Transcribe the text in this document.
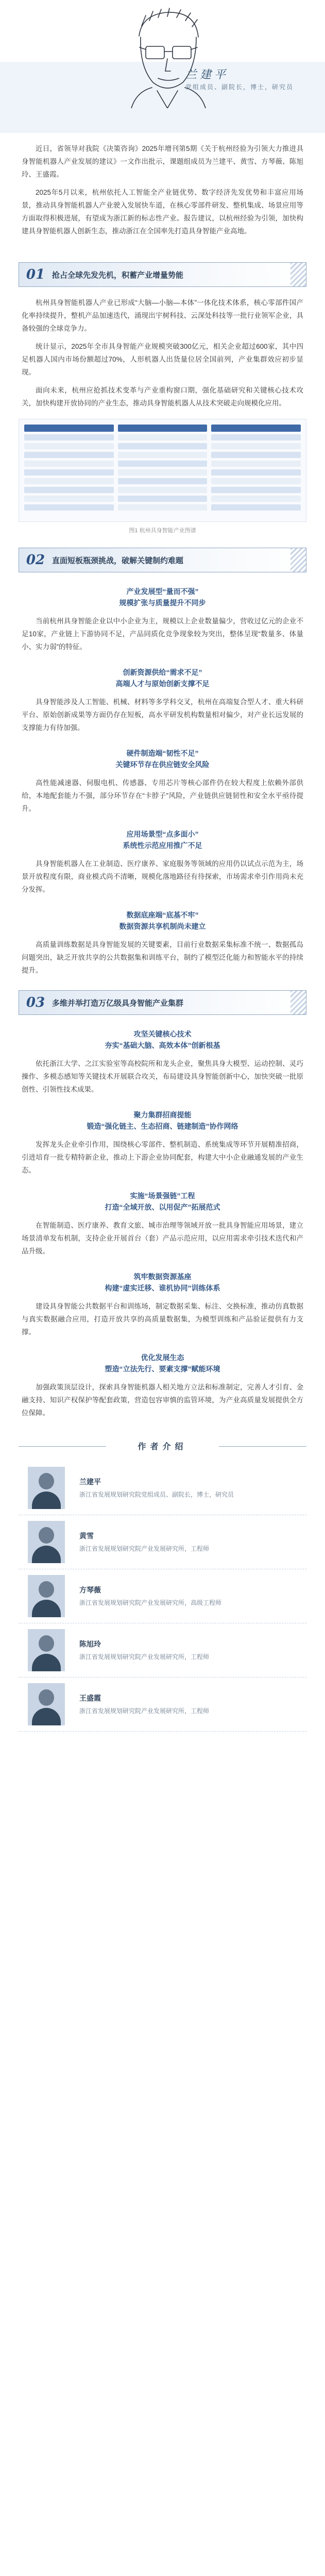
兰建平
党组成员、副院长，博士，研究员

近日，省领导对我院《决策咨询》2025年增刊第5期《关于杭州经验为引领大力推进具身智能机器人产业发展的建议》一文作出批示，课题组成员为兰建平、黄雪、方琴薇、陈旭玲、王盛霞。

2025年5月以来，杭州依托人工智能全产业链优势、数字经济先发优势和丰富应用场景，推动具身智能机器人产业驶入发展快车道，在核心零部件研发、整机集成、场景应用等方面取得积极进展，有望成为浙江新的标志性产业。报告建议，以杭州经验为引领，加快构建具身智能机器人创新生态，推动浙江在全国率先打造具身智能产业高地。

01 抢占全球先发先机，积蓄产业增量势能

杭州具身智能机器人产业已形成“大脑—小脑—本体”一体化技术体系，核心零部件国产化率持续提升，整机产品加速迭代，涌现出宇树科技、云深处科技等一批行业领军企业，具备较强的全球竞争力。

统计显示，2025年全市具身智能产业规模突破300亿元，相关企业超过600家，其中四足机器人国内市场份额超过70%，人形机器人出货量位居全国前列，产业集群效应初步显现。

面向未来，杭州应抢抓技术变革与产业重构窗口期，强化基础研究和关键核心技术攻关，加快构建开放协同的产业生态，推动具身智能机器人从技术突破走向规模化应用。

图1 杭州具身智能产业图谱
02 直面短板瓶颈挑战，破解关键制约难题
产业发展型“量而不强”
规模扩张与质量提升不同步

当前杭州具身智能企业以中小企业为主，规模以上企业数量偏少，营收过亿元的企业不足10家，产业链上下游协同不足，产品同质化竞争现象较为突出，整体呈现“数量多、体量小、实力弱”的特征。

创新资源供给“需求不足”
高端人才与原始创新支撑不足

具身智能涉及人工智能、机械、材料等多学科交叉，杭州在高端复合型人才、重大科研平台、原始创新成果等方面仍存在短板，高水平研发机构数量相对偏少，对产业长远发展的支撑能力有待加强。

硬件制造端“韧性不足”
关键环节存在供应链安全风险

高性能减速器、伺服电机、传感器、专用芯片等核心部件仍在较大程度上依赖外部供给，本地配套能力不强，部分环节存在“卡脖子”风险，产业链供应链韧性和安全水平亟待提升。

应用场景型“点多面小”
系统性示范应用推广不足

具身智能机器人在工业制造、医疗康养、家庭服务等领域的应用仍以试点示范为主，场景开放程度有限，商业模式尚不清晰，规模化落地路径有待探索，市场需求牵引作用尚未充分发挥。

数据底座端“底基不牢”
数据资源共享机制尚未建立

高质量训练数据是具身智能发展的关键要素，目前行业数据采集标准不统一、数据孤岛问题突出，缺乏开放共享的公共数据集和训练平台，制约了模型泛化能力和智能水平的持续提升。

03 多维并举打造万亿级具身智能产业集群
攻坚关键核心技术
夯实“基础大脑、高效本体”创新根基

依托浙江大学、之江实验室等高校院所和龙头企业，聚焦具身大模型、运动控制、灵巧操作、多模态感知等关键技术开展联合攻关，布局建设具身智能创新中心，加快突破一批原创性、引领性技术成果。

聚力集群招商提能
锻造“强化链主、生态招商、链建制造”协作网络

发挥龙头企业牵引作用，围绕核心零部件、整机制造、系统集成等环节开展精准招商，引进培育一批专精特新企业，推动上下游企业协同配套，构建大中小企业融通发展的产业生态。

实施“场景强链”工程
打造“全域开放、以用促产”拓展范式

在智能制造、医疗康养、教育文旅、城市治理等领域开放一批具身智能应用场景，建立场景清单发布机制，支持企业开展首台（套）产品示范应用，以应用需求牵引技术迭代和产品升级。

筑牢数据资源基座
构建“虚实迁移、谁机协同”训练体系

建设具身智能公共数据平台和训练场，制定数据采集、标注、交换标准，推动仿真数据与真实数据融合应用，打造开放共享的高质量数据集，为模型训练和产品验证提供有力支撑。

优化发展生态
塑造“立法先行、要素支撑”赋能环境

加强政策顶层设计，探索具身智能机器人相关地方立法和标准制定，完善人才引育、金融支持、知识产权保护等配套政策，营造包容审慎的监管环境，为产业高质量发展提供全方位保障。

作者介绍
兰建平
浙江省发展规划研究院党组成员、副院长，博士，研究员
黄雪
浙江省发展规划研究院产业发展研究所，工程师
方琴薇
浙江省发展规划研究院产业发展研究所，高级工程师
陈旭玲
浙江省发展规划研究院产业发展研究所，工程师
王盛霞
浙江省发展规划研究院产业发展研究所，工程师
